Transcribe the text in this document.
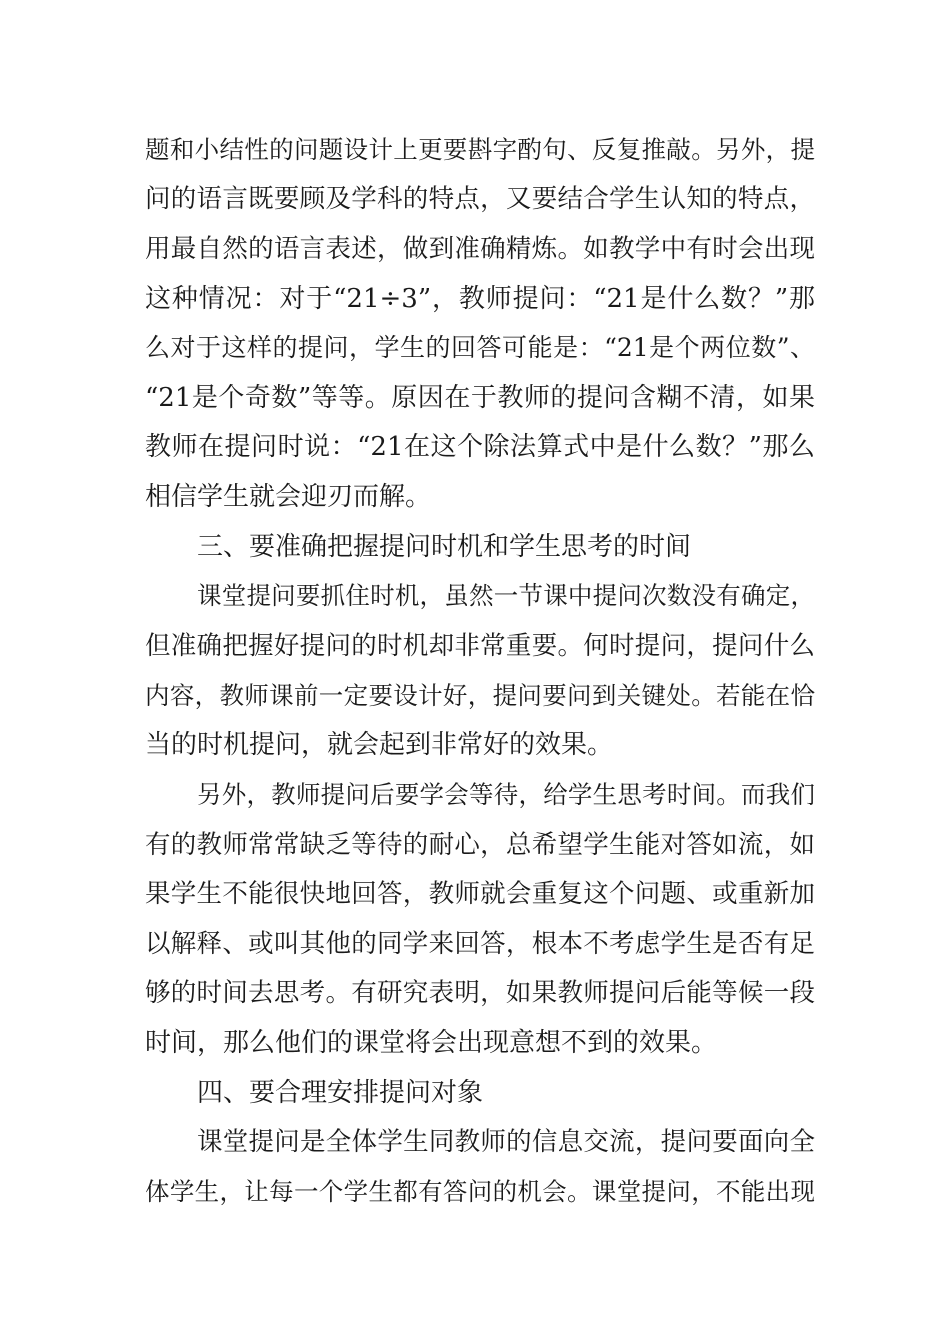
题和小结性的问题设计上更要斟字酌句、反复推敲。另外，提
问的语言既要顾及学科的特点，又要结合学生认知的特点，
用最自然的语言表述，做到准确精炼。如教学中有时会出现
这种情况：对于“21÷3”，教师提问：“21是什么数？”那
么对于这样的提问，学生的回答可能是：“21是个两位数”、
“21是个奇数”等等。原因在于教师的提问含糊不清，如果
教师在提问时说：“21在这个除法算式中是什么数？”那么
相信学生就会迎刃而解。
三、要准确把握提问时机和学生思考的时间
课堂提问要抓住时机，虽然一节课中提问次数没有确定，
但准确把握好提问的时机却非常重要。何时提问，提问什么
内容，教师课前一定要设计好，提问要问到关键处。若能在恰
当的时机提问，就会起到非常好的效果。
另外，教师提问后要学会等待，给学生思考时间。而我们
有的教师常常缺乏等待的耐心，总希望学生能对答如流，如
果学生不能很快地回答，教师就会重复这个问题、或重新加
以解释、或叫其他的同学来回答，根本不考虑学生是否有足
够的时间去思考。有研究表明，如果教师提问后能等候一段
时间，那么他们的课堂将会出现意想不到的效果。
四、要合理安排提问对象
课堂提问是全体学生同教师的信息交流，提问要面向全
体学生，让每一个学生都有答问的机会。课堂提问，不能出现
